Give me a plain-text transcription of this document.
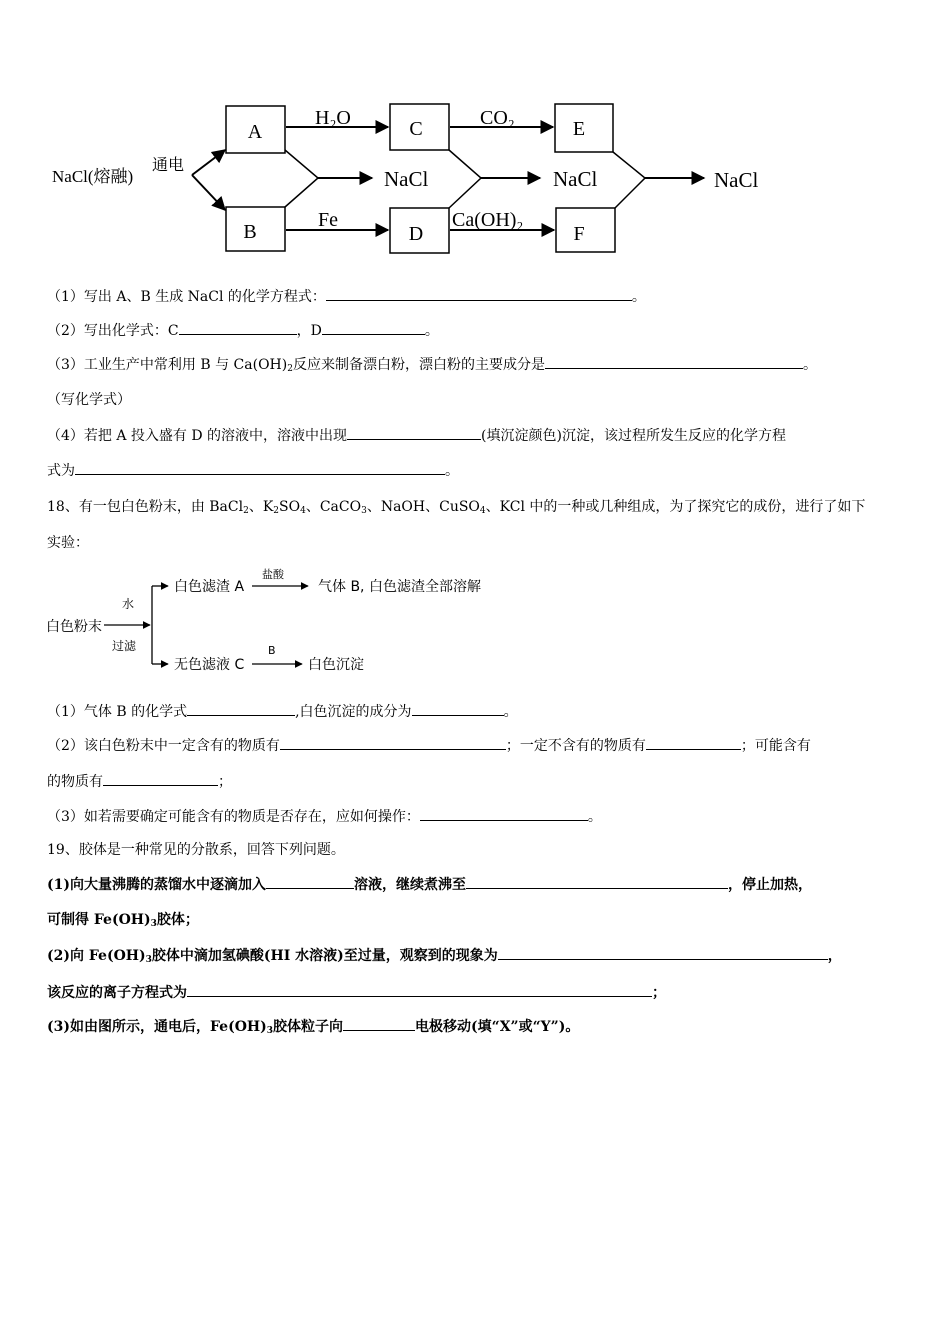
NaCl(熔融)
通电
A
B
C
D
E
F
H₂O
Fe
CO₂
Ca(OH)₂
NaCl	NaCl	NaCl
（1）写出 A、B 生成 NaCl 的化学方程式：	。
（2）写出化学式：C	，D	。
（3）工业生产中常利用 B 与 $Ca(OH)_2$反应来制备漂白粉，漂白粉的主要成分是	。
（写化学式）
（4）若把 A 投入盛有 D 的溶液中，溶液中出现	(填沉淀颜色)沉淀，该过程所发生反应的化学方程
式为	。
18、有一包白色粉末，由 BaCl$_2$、$K_2SO_4$、CaCO$_3$、NaOH、CuSO$_4$、KCl 中的一种或几种组成，为了探究它的成份，进行了如下
实验：
白色粉末
水
过滤
白色滤渣 A
盐酸
气体 B, 白色滤渣全部溶解
无色滤液 C
B
白色沉淀
（1）气体 B 的化学式	,白色沉淀的成分为	。
（2）该白色粉末中一定含有的物质有	；一定不含有的物质有	；可能含有
的物质有	；
（3）如若需要确定可能含有的物质是否存在，应如何操作：	。
19、胶体是一种常见的分散系，回答下列问题。
(1)向大量沸腾的蒸馏水中逐滴加入	溶液，继续煮沸至	，停止加热，
可制得 $Fe(OH)_3$胶体；
(2)向 $Fe(OH)_3$胶体中滴加氢碘酸(HI 水溶液)至过量，观察到的现象为	，
该反应的离子方程式为	；
(3)如由图所示，通电后，$Fe(OH)_3$胶体粒子向	电极移动(填“X”或“Y”)。
